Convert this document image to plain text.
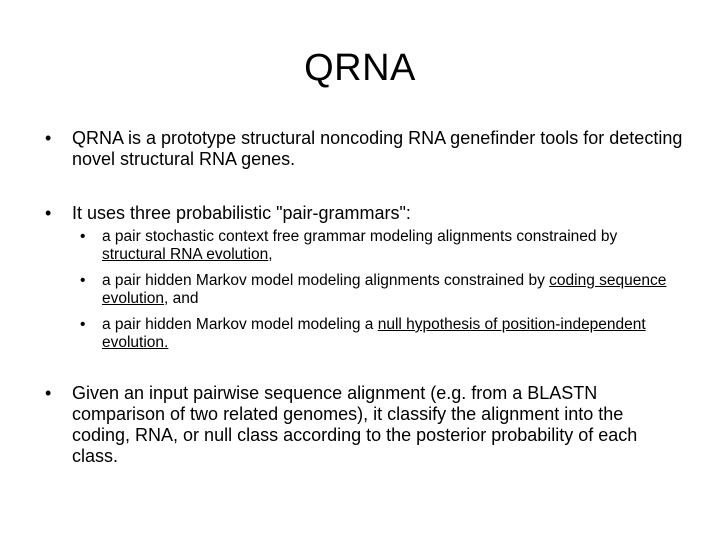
QRNA
• QRNA is a prototype structural noncoding RNA genefinder tools for detecting novel structural RNA genes.
• It uses three probabilistic "pair-grammars":
• a pair stochastic context free grammar modeling alignments constrained by structural RNA evolution,
• a pair hidden Markov model modeling alignments constrained by coding sequence evolution, and
• a pair hidden Markov model modeling a null hypothesis of position-independent evolution.
• Given an input pairwise sequence alignment (e.g. from a BLASTN comparison of two related genomes), it classify the alignment into the coding, RNA, or null class according to the posterior probability of each class.
